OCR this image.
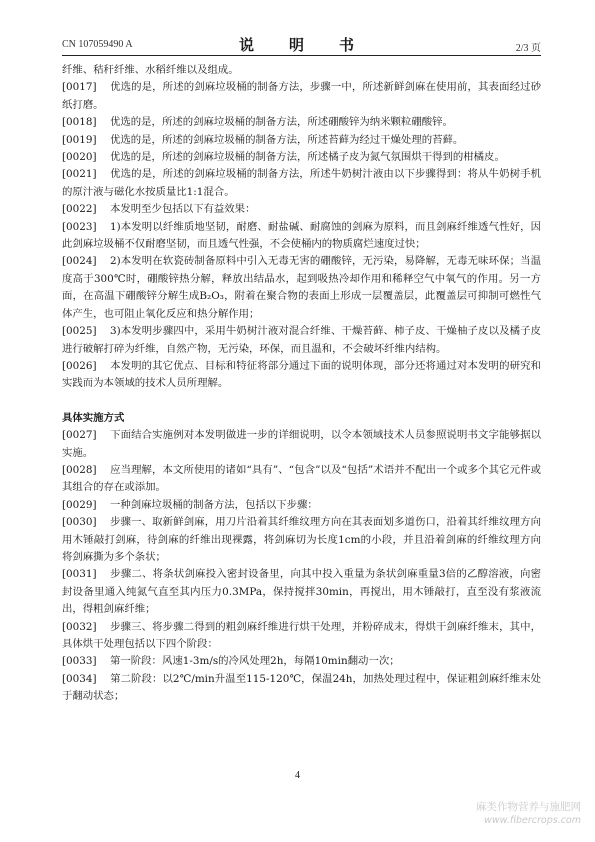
CN 107059490 A	说　明　书	2/3 页
纤维、秸秆纤维、水稻纤维以及组成。
[0017] 优选的是，所述的剑麻垃圾桶的制备方法，步骤一中，所述新鲜剑麻在使用前，其表面经过砂纸打磨。
[0018] 优选的是，所述的剑麻垃圾桶的制备方法，所述硼酸锌为纳米颗粒硼酸锌。
[0019] 优选的是，所述的剑麻垃圾桶的制备方法，所述苔藓为经过干燥处理的苔藓。
[0020] 优选的是，所述的剑麻垃圾桶的制备方法，所述橘子皮为氮气氛围烘干得到的柑橘皮。
[0021] 优选的是，所述的剑麻垃圾桶的制备方法，所述牛奶树汁液由以下步骤得到：将从牛奶树手机的原汁液与磁化水按质量比1:1混合。
[0022] 本发明至少包括以下有益效果：
[0023] 1)本发明以纤维质地坚韧，耐磨、耐盐碱、耐腐蚀的剑麻为原料，而且剑麻纤维透气性好，因此剑麻垃圾桶不仅耐磨坚韧，而且透气性强，不会使桶内的物质腐烂速度过快；
[0024] 2)本发明在软瓷砖制备原料中引入无毒无害的硼酸锌，无污染，易降解，无毒无味环保；当温度高于300℃时，硼酸锌热分解，释放出结晶水，起到吸热冷却作用和稀释空气中氧气的作用。另一方面，在高温下硼酸锌分解生成B₂O₃，附着在聚合物的表面上形成一层覆盖层，此覆盖层可抑制可燃性气体产生，也可阻止氧化反应和热分解作用；
[0025] 3)本发明步骤四中，采用牛奶树汁液对混合纤维、干燥苔藓、柿子皮、干燥柚子皮以及橘子皮进行破解打碎为纤维，自然产物，无污染，环保，而且温和，不会破坏纤维内结构。
[0026] 本发明的其它优点、目标和特征将部分通过下面的说明体现，部分还将通过对本发明的研究和实践而为本领域的技术人员所理解。
具体实施方式
[0027] 下面结合实施例对本发明做进一步的详细说明，以令本领域技术人员参照说明书文字能够据以实施。
[0028] 应当理解，本文所使用的诸如“具有”、“包含”以及“包括”术语并不配出一个或多个其它元件或其组合的存在或添加。
[0029] 一种剑麻垃圾桶的制备方法，包括以下步骤：
[0030] 步骤一、取新鲜剑麻，用刀片沿着其纤维纹理方向在其表面划多道伤口，沿着其纤维纹理方向用木锤敲打剑麻，待剑麻的纤维出现裸露，将剑麻切为长度1cm的小段，并且沿着剑麻的纤维纹理方向将剑麻撕为多个条状；
[0031] 步骤二、将条状剑麻投入密封设备里，向其中投入重量为条状剑麻重量3倍的乙醇溶液，向密封设备里通入纯氮气直至其内压力0.3MPa，保持搅拌30min，再搅出，用木锤敲打，直至没有浆液流出，得粗剑麻纤维；
[0032] 步骤三、将步骤二得到的粗剑麻纤维进行烘干处理，并粉碎成末，得烘干剑麻纤维末，其中，具体烘干处理包括以下四个阶段：
[0033] 第一阶段：风速1-3m/s的冷风处理2h，每隔10min翻动一次；
[0034] 第二阶段：以2℃/min升温至115-120℃，保温24h，加热处理过程中，保证粗剑麻纤维末处于翻动状态；
4
麻类作物营养与施肥网
www.fibercrops.com
